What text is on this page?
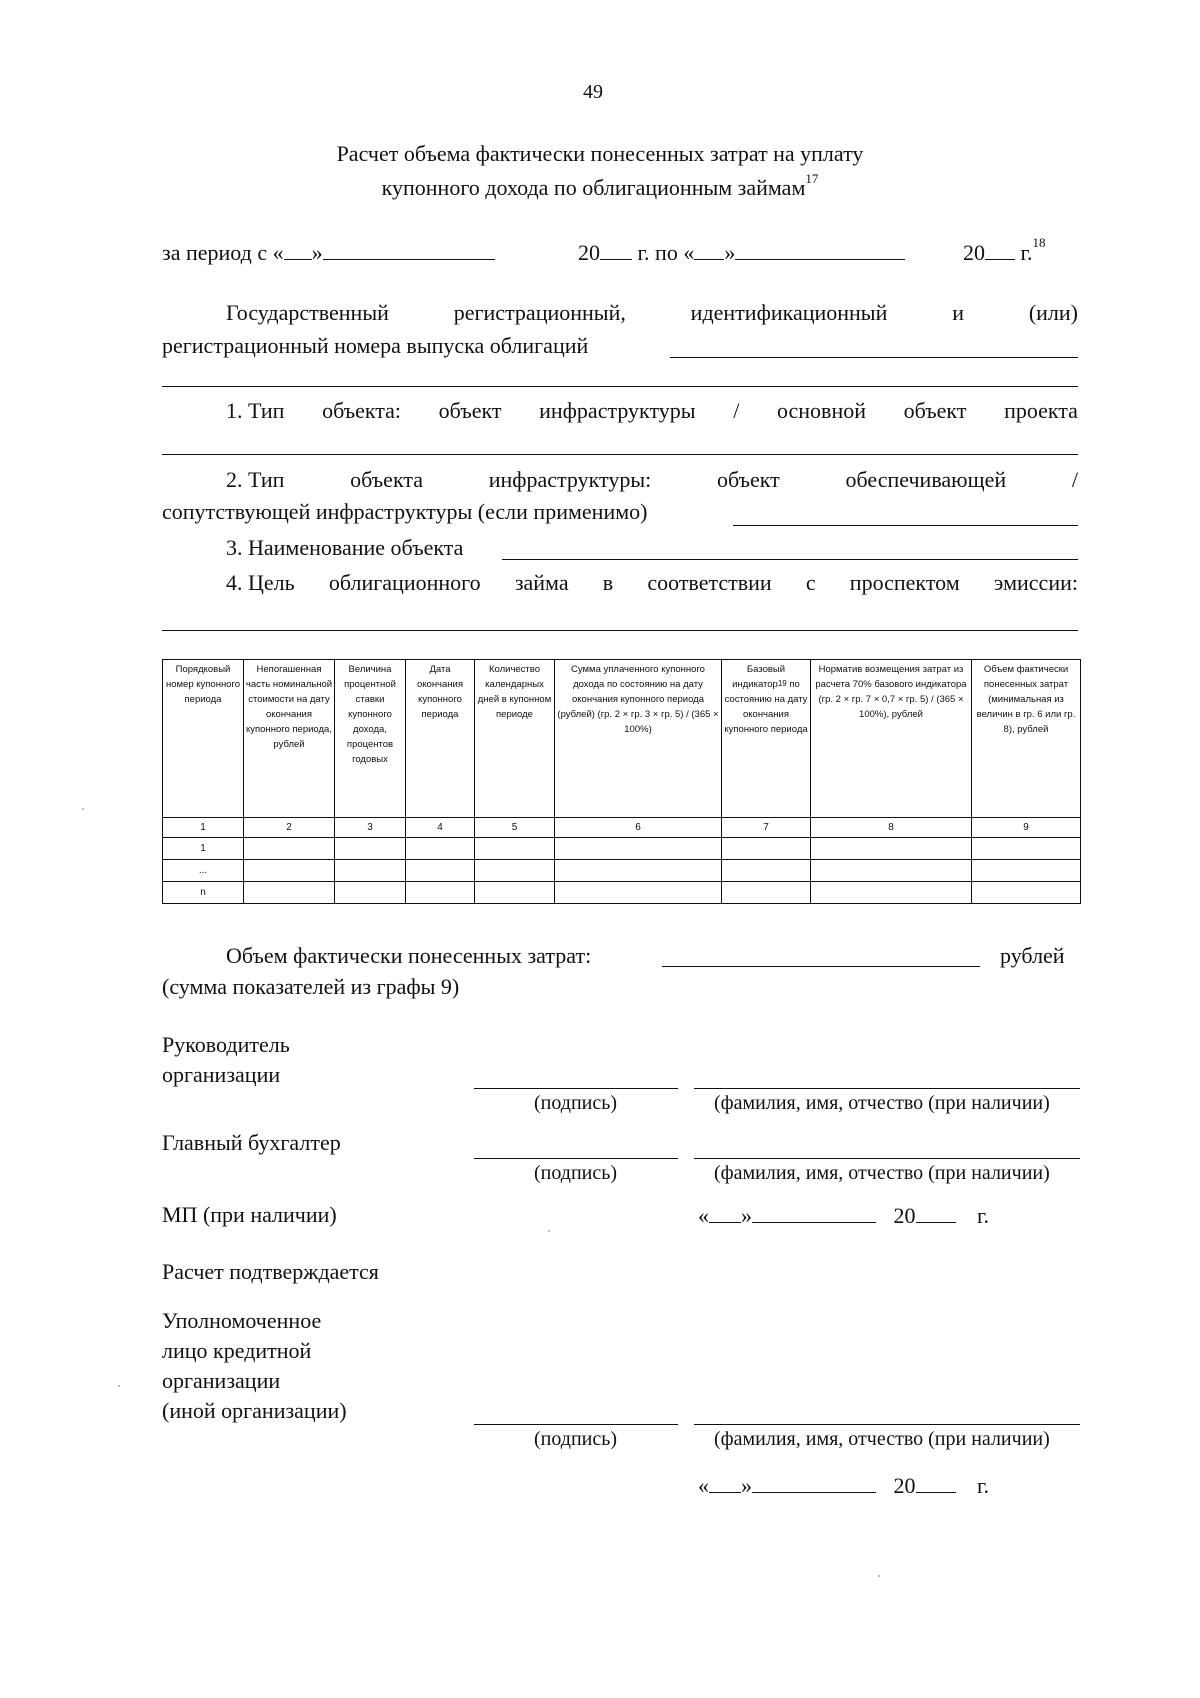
49
Расчет объема фактически понесенных затрат на уплату
купонного дохода по облигационным займам$^{17}$
за период с « »	20 г. по « »	20 г.$^{18}$
Государственный	регистрационный,	идентификационный	и	(или)
регистрационный номера выпуска облигаций
1. Тип объекта: объект инфраструктуры / основной объект проекта
2. Тип	объекта	инфраструктуры:	объект	обеспечивающей	/
сопутствующей инфраструктуры (если применимо)
3. Наименование объекта
4. Цель облигационного займа в соответствии с проспектом эмиссии:
Порядковый номер купонного периода	Непогашенная часть номинальной стоимости на дату окончания купонного периода, рублей	Величина процентной ставки купонного дохода, процентов годовых	Дата окончания купонного периода	Количество календарных дней в купонном периоде	Сумма уплаченного купонного дохода по состоянию на дату окончания купонного периода (рублей) (гр. 2 × гр. 3 × гр. 5) / (365 × 100%)	Базовый индикатор$^{19}$ по состоянию на дату окончания купонного периода	Норматив возмещения затрат из расчета 70% базового индикатора (гр. 2 × гр. 7 × 0,7 × гр. 5) / (365 × 100%), рублей	Объем фактически понесенных затрат (минимальная из величин в гр. 6 или гр. 8), рублей
1	2	3	4	5	6	7	8	9
1								
...								
n								
Объем фактически понесенных затрат:	рублей
(сумма показателей из графы 9)
Руководитель
организации
(подпись)	(фамилия, имя, отчество (при наличии)
Главный бухгалтер
(подпись)	(фамилия, имя, отчество (при наличии)
МП (при наличии)	« »	20	г.
Расчет подтверждается
Уполномоченное
лицо кредитной
организации
(иной организации)
(подпись)	(фамилия, имя, отчество (при наличии)
« »	20	г.
